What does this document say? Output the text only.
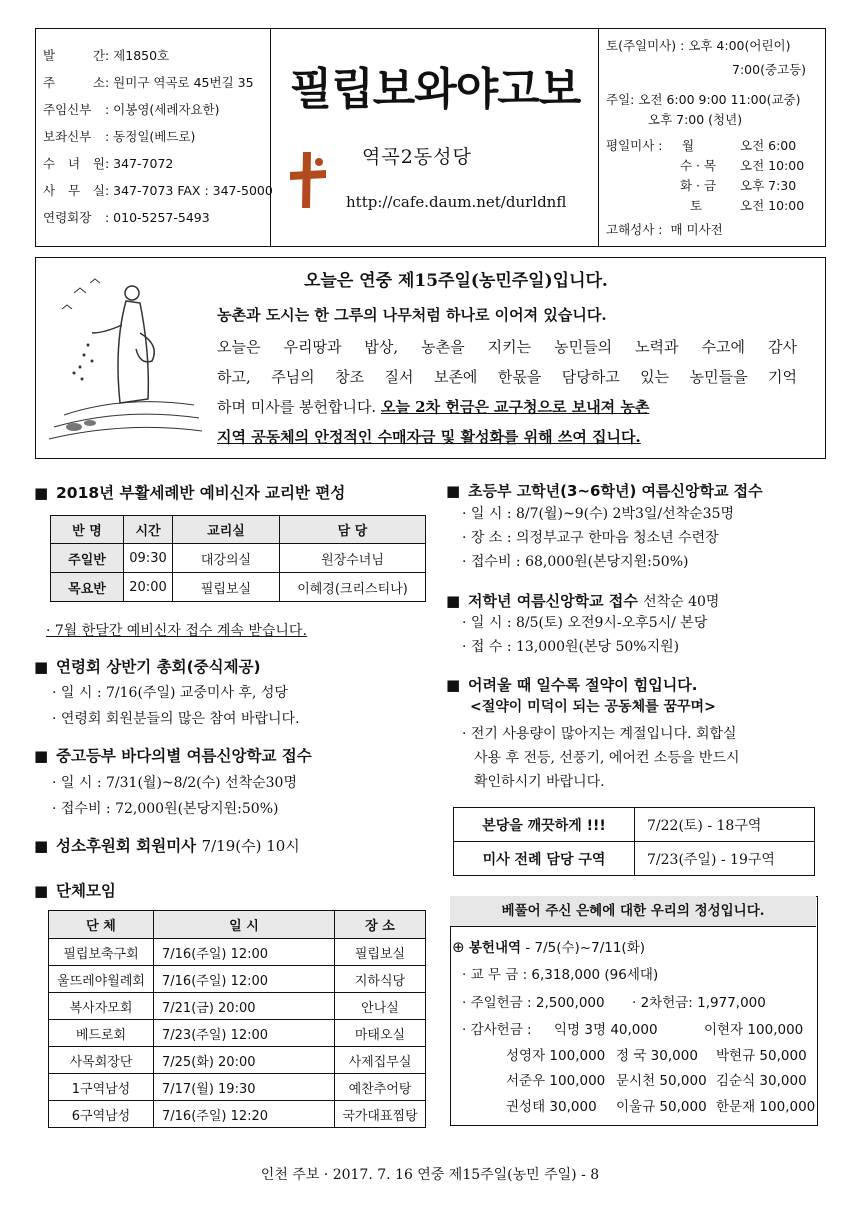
발 간: 제1850호
주 소: 원미구 역곡로 45번길 35
주임신부 : 이봉영(세례자요한)
보좌신부 : 동정일(베드로)
수 녀 원: 347-7072
사 무 실: 347-7073 FAX : 347-5000
연령회장 : 010-5257-5493
필립보와야고보
역곡2동성당
http://cafe.daum.net/durldnfl
토(주일미사) : 오후 4:00(어린이)
7:00(중고등)
주일: 오전 6:00 9:00 11:00(교중)
오후 7:00 (청년)
평일미사 : 월	오전 6:00
수 · 목 오전 10:00
화 · 금 오후 7:30
토	오전 10:00
고해성사 : 매 미사전
오늘은 연중 제15주일(농민주일)입니다.
농촌과 도시는 한 그루의 나무처럼 하나로 이어져 있습니다.
오늘은 우리땅과 밥상, 농촌을 지키는 농민들의 노력과 수고에 감사
하고, 주님의 창조 질서 보존에 한몫을 담당하고 있는 농민들을 기억
하며 미사를 봉헌합니다. 오늘 2차 헌금은 교구청으로 보내져 농촌
지역 공동체의 안정적인 수매자금 및 활성화를 위해 쓰여 집니다.
■ 2018년 부활세례반 예비신자 교리반 편성
반 명	시간	교리실	담 당
주일반	09:30	대강의실	원장수녀님
목요반	20:00	필립보실	이혜경(크리스티나)
· 7월 한달간 예비신자 접수 계속 받습니다.
■ 연령회 상반기 총회(중식제공)
· 일 시 : 7/16(주일) 교중미사 후, 성당
· 연령회 회원분들의 많은 참여 바랍니다.
■ 중고등부 바다의별 여름신앙학교 접수
· 일 시 : 7/31(월)~8/2(수) 선착순30명
· 접수비 : 72,000원(본당지원:50%)
■ 성소후원회 회원미사 7/19(수) 10시
■ 단체모임
단 체	일 시	장 소
필립보축구회	7/16(주일) 12:00	필립보실
울뜨레야월례회	7/16(주일) 12:00	지하식당
복사자모회	7/21(금) 20:00	안나실
베드로회	7/23(주일) 12:00	마태오실
사목회장단	7/25(화) 20:00	사제집무실
1구역남성	7/17(월) 19:30	예찬추어탕
6구역남성	7/16(주일) 12:20	국가대표찜탕
■ 초등부 고학년(3~6학년) 여름신앙학교 접수
· 일 시 : 8/7(월)~9(수) 2박3일/선착순35명
· 장 소 : 의정부교구 한마음 청소년 수련장
· 접수비 : 68,000원(본당지원:50%)
■ 저학년 여름신앙학교 접수 선착순 40명
· 일 시 : 8/5(토) 오전9시-오후5시/ 본당
· 접 수 : 13,000원(본당 50%지원)
■ 어려울 때 일수록 절약이 힘입니다.
<절약이 미덕이 되는 공동체를 꿈꾸며>
· 전기 사용량이 많아지는 계절입니다. 회합실
사용 후 전등, 선풍기, 에어컨 소등을 반드시
확인하시기 바랍니다.
본당을 깨끗하게 !!!	7/22(토) - 18구역
미사 전례 담당 구역	7/23(주일) - 19구역
베풀어 주신 은혜에 대한 우리의 정성입니다.
⊕ 봉헌내역 - 7/5(수)~7/11(화)
· 교 무 금 : 6,318,000 (96세대)
· 주일헌금 : 2,500,000 · 2차헌금: 1,977,000
· 감사헌금 : 익명 3명 40,000	이현자 100,000
성영자 100,000 정 국 30,000 박현규 50,000
서준우 100,000 문시천 50,000 김순식 30,000
권성태 30,000 이울규 50,000 한문재 100,000
인천 주보 · 2017. 7. 16 연중 제15주일(농민 주일) - 8
